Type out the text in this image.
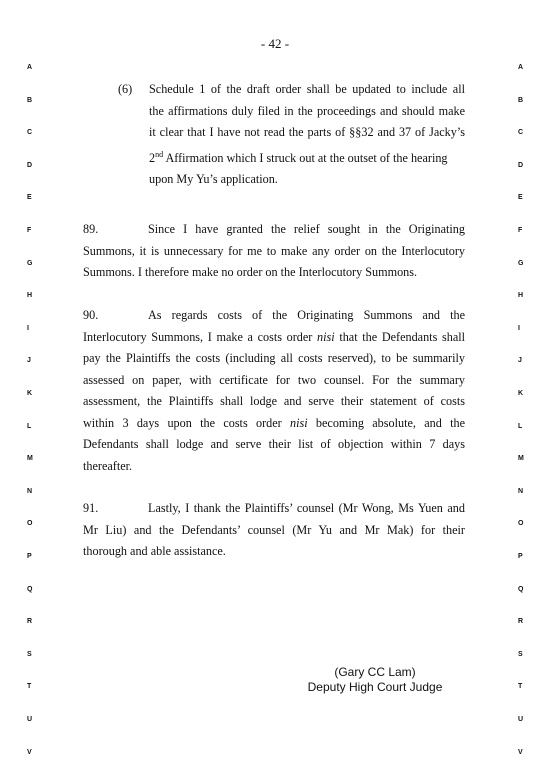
- 42 -
A
B
C
D
E
F
G
H
I
J
K
L
M
N
O
P
Q
R
S
T
U
V
A
B
C
D
E
F
G
H
I
J
K
L
M
N
O
P
Q
R
S
T
U
V
(6) Schedule 1 of the draft order shall be updated to include all
the affirmations duly filed in the proceedings and should make
it clear that I have not read the parts of §§32 and 37 of Jacky’s
2nd Affirmation which I struck out at the outset of the hearing
upon My Yu’s application.
89.	Since I have granted the relief sought in the Originating
Summons, it is unnecessary for me to make any order on the Interlocutory
Summons. I therefore make no order on the Interlocutory Summons.
90.	As regards costs of the Originating Summons and the
Interlocutory Summons, I make a costs order nisi that the Defendants shall
pay the Plaintiffs the costs (including all costs reserved), to be summarily
assessed on paper, with certificate for two counsel. For the summary
assessment, the Plaintiffs shall lodge and serve their statement of costs
within 3 days upon the costs order nisi becoming absolute, and the
Defendants shall lodge and serve their list of objection within 7 days
thereafter.
91.	Lastly, I thank the Plaintiffs’ counsel (Mr Wong, Ms Yuen and
Mr Liu) and the Defendants’ counsel (Mr Yu and Mr Mak) for their
thorough and able assistance.
(Gary CC Lam)
Deputy High Court Judge
